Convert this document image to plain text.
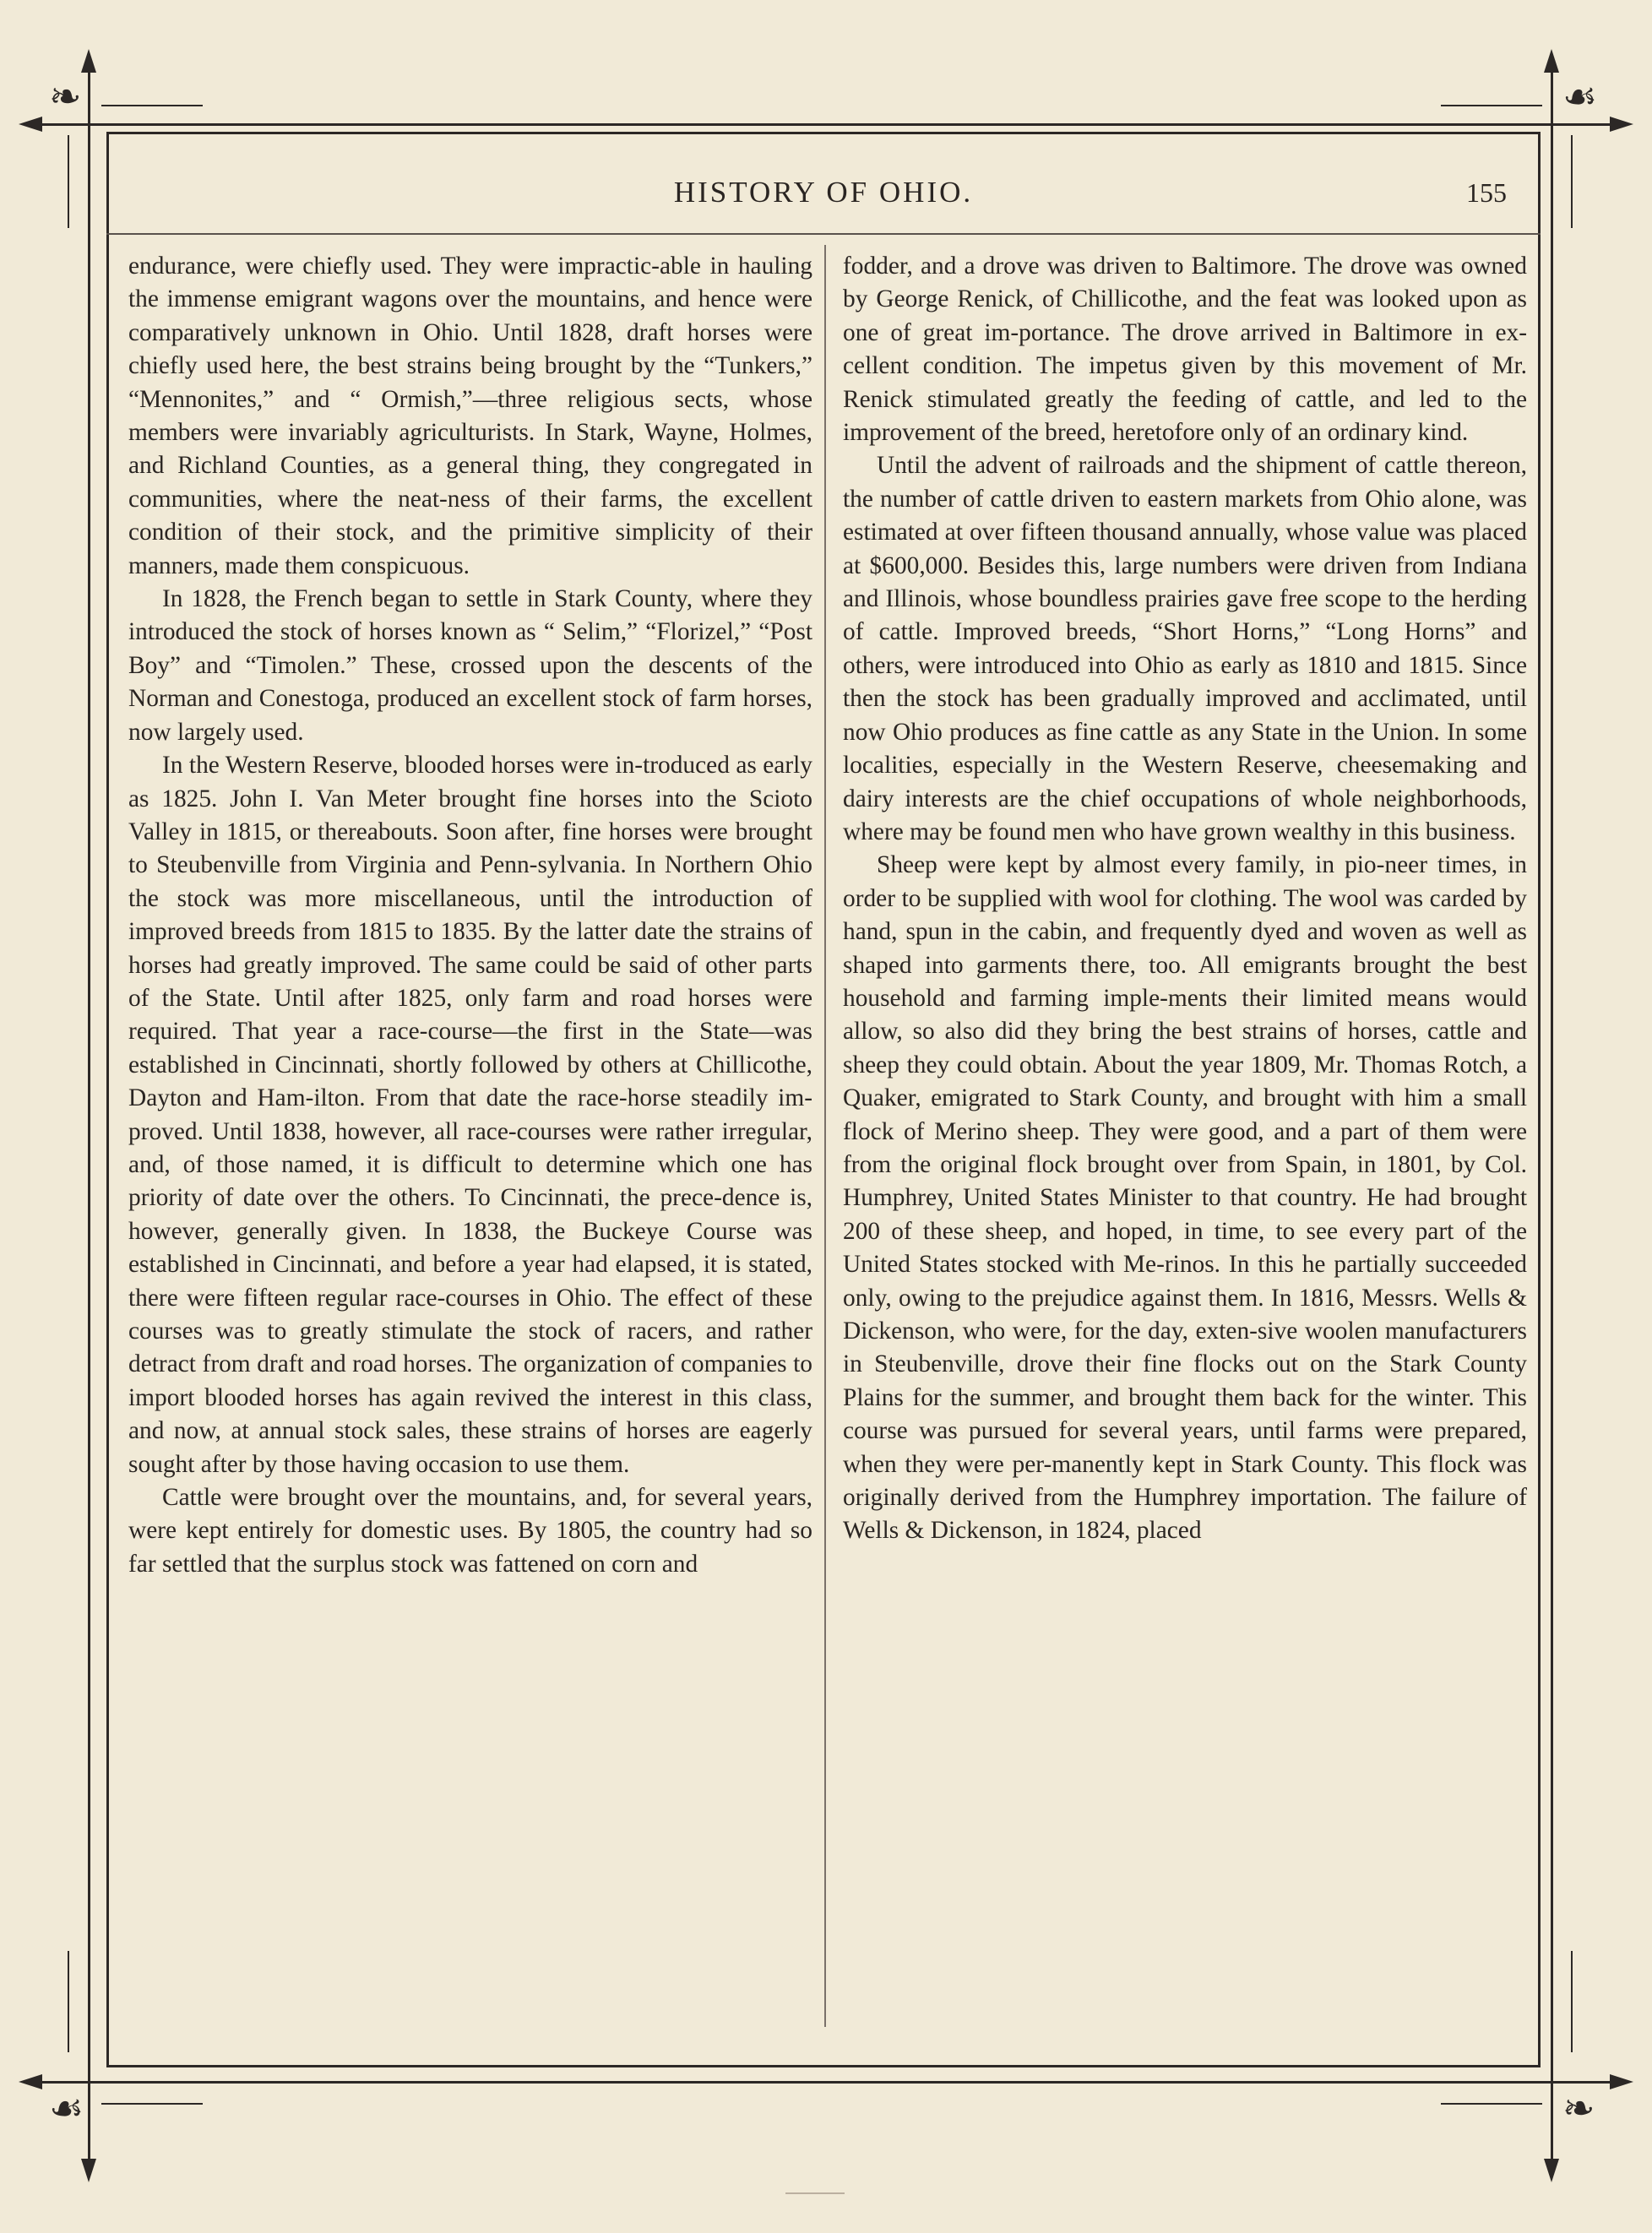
❧	☙
☙	❧
HISTORY OF OHIO.	155

endurance, were chiefly used. They were impractic-able in hauling the immense emigrant wagons over the mountains, and hence were comparatively unknown in Ohio. Until 1828, draft horses were chiefly used here, the best strains being brought by the “Tunkers,” “Mennonites,” and “ Ormish,”—three religious sects, whose members were invariably agriculturists. In Stark, Wayne, Holmes, and Richland Counties, as a general thing, they congregated in communities, where the neat-ness of their farms, the excellent condition of their stock, and the primitive simplicity of their manners, made them conspicuous.

In 1828, the French began to settle in Stark County, where they introduced the stock of horses known as “ Selim,” “Florizel,” “Post Boy” and “Timolen.” These, crossed upon the descents of the Norman and Conestoga, produced an excellent stock of farm horses, now largely used.

In the Western Reserve, blooded horses were in-troduced as early as 1825. John I. Van Meter brought fine horses into the Scioto Valley in 1815, or thereabouts. Soon after, fine horses were brought to Steubenville from Virginia and Penn-sylvania. In Northern Ohio the stock was more miscellaneous, until the introduction of improved breeds from 1815 to 1835. By the latter date the strains of horses had greatly improved. The same could be said of other parts of the State. Until after 1825, only farm and road horses were required. That year a race-course—the first in the State—was established in Cincinnati, shortly followed by others at Chillicothe, Dayton and Ham-ilton. From that date the race-horse steadily im-proved. Until 1838, however, all race-courses were rather irregular, and, of those named, it is difficult to determine which one has priority of date over the others. To Cincinnati, the prece-dence is, however, generally given. In 1838, the Buckeye Course was established in Cincinnati, and before a year had elapsed, it is stated, there were fifteen regular race-courses in Ohio. The effect of these courses was to greatly stimulate the stock of racers, and rather detract from draft and road horses. The organization of companies to import blooded horses has again revived the interest in this class, and now, at annual stock sales, these strains of horses are eagerly sought after by those having occasion to use them.

Cattle were brought over the mountains, and, for several years, were kept entirely for domestic uses. By 1805, the country had so far settled that the surplus stock was fattened on corn and

fodder, and a drove was driven to Baltimore. The drove was owned by George Renick, of Chillicothe, and the feat was looked upon as one of great im-portance. The drove arrived in Baltimore in ex-cellent condition. The impetus given by this movement of Mr. Renick stimulated greatly the feeding of cattle, and led to the improvement of the breed, heretofore only of an ordinary kind.

Until the advent of railroads and the shipment of cattle thereon, the number of cattle driven to eastern markets from Ohio alone, was estimated at over fifteen thousand annually, whose value was placed at $600,000. Besides this, large numbers were driven from Indiana and Illinois, whose boundless prairies gave free scope to the herding of cattle. Improved breeds, “Short Horns,” “Long Horns” and others, were introduced into Ohio as early as 1810 and 1815. Since then the stock has been gradually improved and acclimated, until now Ohio produces as fine cattle as any State in the Union. In some localities, especially in the Western Reserve, cheesemaking and dairy interests are the chief occupations of whole neighborhoods, where may be found men who have grown wealthy in this business.

Sheep were kept by almost every family, in pio-neer times, in order to be supplied with wool for clothing. The wool was carded by hand, spun in the cabin, and frequently dyed and woven as well as shaped into garments there, too. All emigrants brought the best household and farming imple-ments their limited means would allow, so also did they bring the best strains of horses, cattle and sheep they could obtain. About the year 1809, Mr. Thomas Rotch, a Quaker, emigrated to Stark County, and brought with him a small flock of Merino sheep. They were good, and a part of them were from the original flock brought over from Spain, in 1801, by Col. Humphrey, United States Minister to that country. He had brought 200 of these sheep, and hoped, in time, to see every part of the United States stocked with Me-rinos. In this he partially succeeded only, owing to the prejudice against them. In 1816, Messrs. Wells & Dickenson, who were, for the day, exten-sive woolen manufacturers in Steubenville, drove their fine flocks out on the Stark County Plains for the summer, and brought them back for the winter. This course was pursued for several years, until farms were prepared, when they were per-manently kept in Stark County. This flock was originally derived from the Humphrey importation. The failure of Wells & Dickenson, in 1824, placed
